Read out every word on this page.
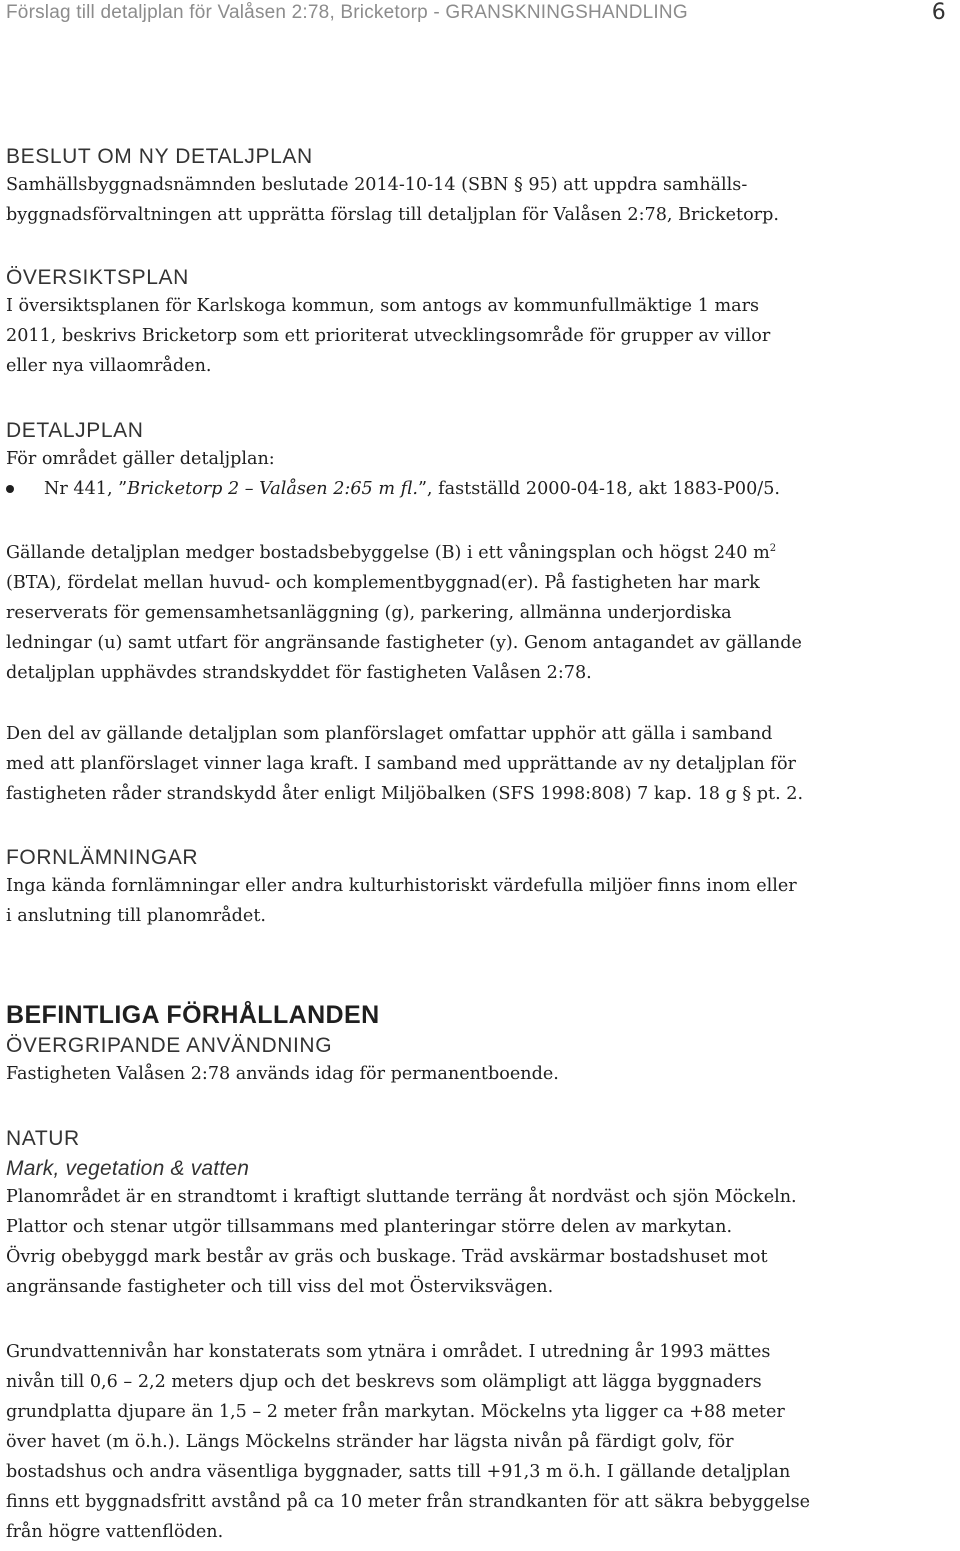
Förslag till detaljplan för Valåsen 2:78, Bricketorp - GRANSKNINGSHANDLING	6
BESLUT OM NY DETALJPLAN

Samhällsbyggnadsnämnden beslutade 2014-10-14 (SBN § 95) att uppdra samhälls-
byggnadsförvaltningen att upprätta förslag till detaljplan för Valåsen 2:78, Bricketorp.

ÖVERSIKTSPLAN

I översiktsplanen för Karlskoga kommun, som antogs av kommunfullmäktige 1 mars
2011, beskrivs Bricketorp som ett prioriterat utvecklingsområde för grupper av villor
eller nya villaområden.

DETALJPLAN

För området gäller detaljplan:

Nr 441, ”Bricketorp 2 – Valåsen 2:65 m fl.”, fastställd 2000-04-18, akt 1883-P00/5.

Gällande detaljplan medger bostadsbebyggelse (B) i ett våningsplan och högst 240 $m^2$
(BTA), fördelat mellan huvud- och komplementbyggnad(er). På fastigheten har mark
reserverats för gemensamhetsanläggning (g), parkering, allmänna underjordiska
ledningar (u) samt utfart för angränsande fastigheter (y). Genom antagandet av gällande
detaljplan upphävdes strandskyddet för fastigheten Valåsen 2:78.

Den del av gällande detaljplan som planförslaget omfattar upphör att gälla i samband
med att planförslaget vinner laga kraft. I samband med upprättande av ny detaljplan för
fastigheten råder strandskydd åter enligt Miljöbalken (SFS 1998:808) 7 kap. 18 g § pt. 2.

FORNLÄMNINGAR

Inga kända fornlämningar eller andra kulturhistoriskt värdefulla miljöer finns inom eller
i anslutning till planområdet.

BEFINTLIGA FÖRHÅLLANDEN
ÖVERGRIPANDE ANVÄNDNING

Fastigheten Valåsen 2:78 används idag för permanentboende.

NATUR
Mark, vegetation & vatten

Planområdet är en strandtomt i kraftigt sluttande terräng åt nordväst och sjön Möckeln.
Plattor och stenar utgör tillsammans med planteringar större delen av markytan.
Övrig obebyggd mark består av gräs och buskage. Träd avskärmar bostadshuset mot
angränsande fastigheter och till viss del mot Österviksvägen.

Grundvattennivån har konstaterats som ytnära i området. I utredning år 1993 mättes
nivån till 0,6 – 2,2 meters djup och det beskrevs som olämpligt att lägga byggnaders
grundplatta djupare än 1,5 – 2 meter från markytan. Möckelns yta ligger ca +88 meter
över havet (m ö.h.). Längs Möckelns stränder har lägsta nivån på färdigt golv, för
bostadshus och andra väsentliga byggnader, satts till +91,3 m ö.h. I gällande detaljplan
finns ett byggnadsfritt avstånd på ca 10 meter från strandkanten för att säkra bebyggelse
från högre vattenflöden.
